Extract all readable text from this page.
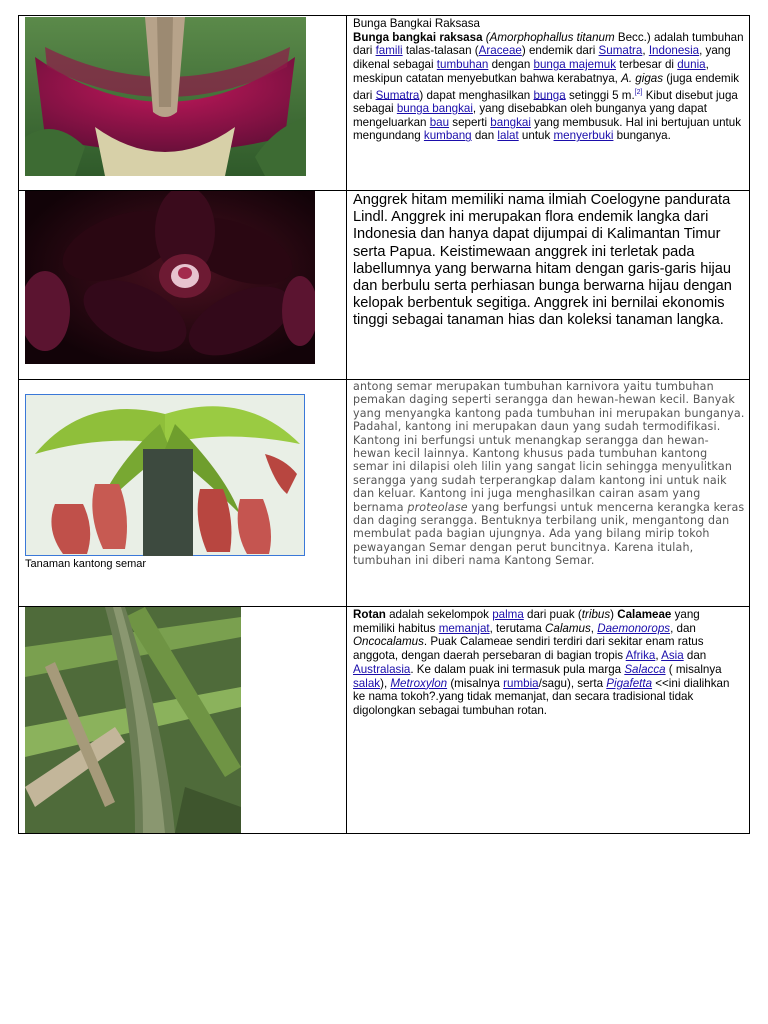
Bunga Bangkai Raksasa
Bunga bangkai raksasa (Amorphophallus titanum Becc.) adalah tumbuhan dari famili talas-talasan (Araceae) endemik dari Sumatra, Indonesia, yang dikenal sebagai tumbuhan dengan bunga majemuk terbesar di dunia, meskipun catatan menyebutkan bahwa kerabatnya, A. gigas (juga endemik dari Sumatra) dapat menghasilkan bunga setinggi 5 m.[2] Kibut disebut juga sebagai bunga bangkai, yang disebabkan oleh bunganya yang dapat mengeluarkan bau seperti bangkai yang membusuk. Hal ini bertujuan untuk mengundang kumbang dan lalat untuk menyerbuki bunganya.

Anggrek hitam memiliki nama ilmiah Coelogyne pandurata Lindl. Anggrek ini merupakan flora endemik langka dari Indonesia dan hanya dapat dijumpai di Kalimantan Timur serta Papua. Keistimewaan anggrek ini terletak pada labellumnya yang berwarna hitam dengan garis-garis hijau dan berbulu serta perhiasan bunga berwarna hijau dengan kelopak berbentuk segitiga. Anggrek ini bernilai ekonomis tinggi sebagai tanaman hias dan koleksi tanaman langka.

Tanaman kantong semar	antong semar merupakan tumbuhan karnivora yaitu tumbuhan pemakan daging seperti serangga dan hewan-hewan kecil. Banyak yang menyangka kantong pada tumbuhan ini merupakan bunganya. Padahal, kantong ini merupakan daun yang sudah termodifikasi. Kantong ini berfungsi untuk menangkap serangga dan hewan-hewan kecil lainnya. Kantong khusus pada tumbuhan kantong semar ini dilapisi oleh lilin yang sangat licin sehingga menyulitkan serangga yang sudah terperangkap dalam kantong ini untuk naik dan keluar. Kantong ini juga menghasilkan cairan asam yang bernama proteolase yang berfungsi untuk mencerna kerangka keras dan daging serangga. Bentuknya terbilang unik, mengantong dan membulat pada bagian ujungnya. Ada yang bilang mirip tokoh pewayangan Semar dengan perut buncitnya. Karena itulah, tumbuhan ini diberi nama Kantong Semar.

Rotan adalah sekelompok palma dari puak (tribus) Calameae yang memiliki habitus memanjat, terutama Calamus, Daemonorops, dan Oncocalamus. Puak Calameae sendiri terdiri dari sekitar enam ratus anggota, dengan daerah persebaran di bagian tropis Afrika, Asia dan Australasia. Ke dalam puak ini termasuk pula marga Salacca ( misalnya salak), Metroxylon (misalnya rumbia/sagu), serta Pigafetta <<ini dialihkan ke nama tokoh?.yang tidak memanjat, dan secara tradisional tidak digolongkan sebagai tumbuhan rotan.
